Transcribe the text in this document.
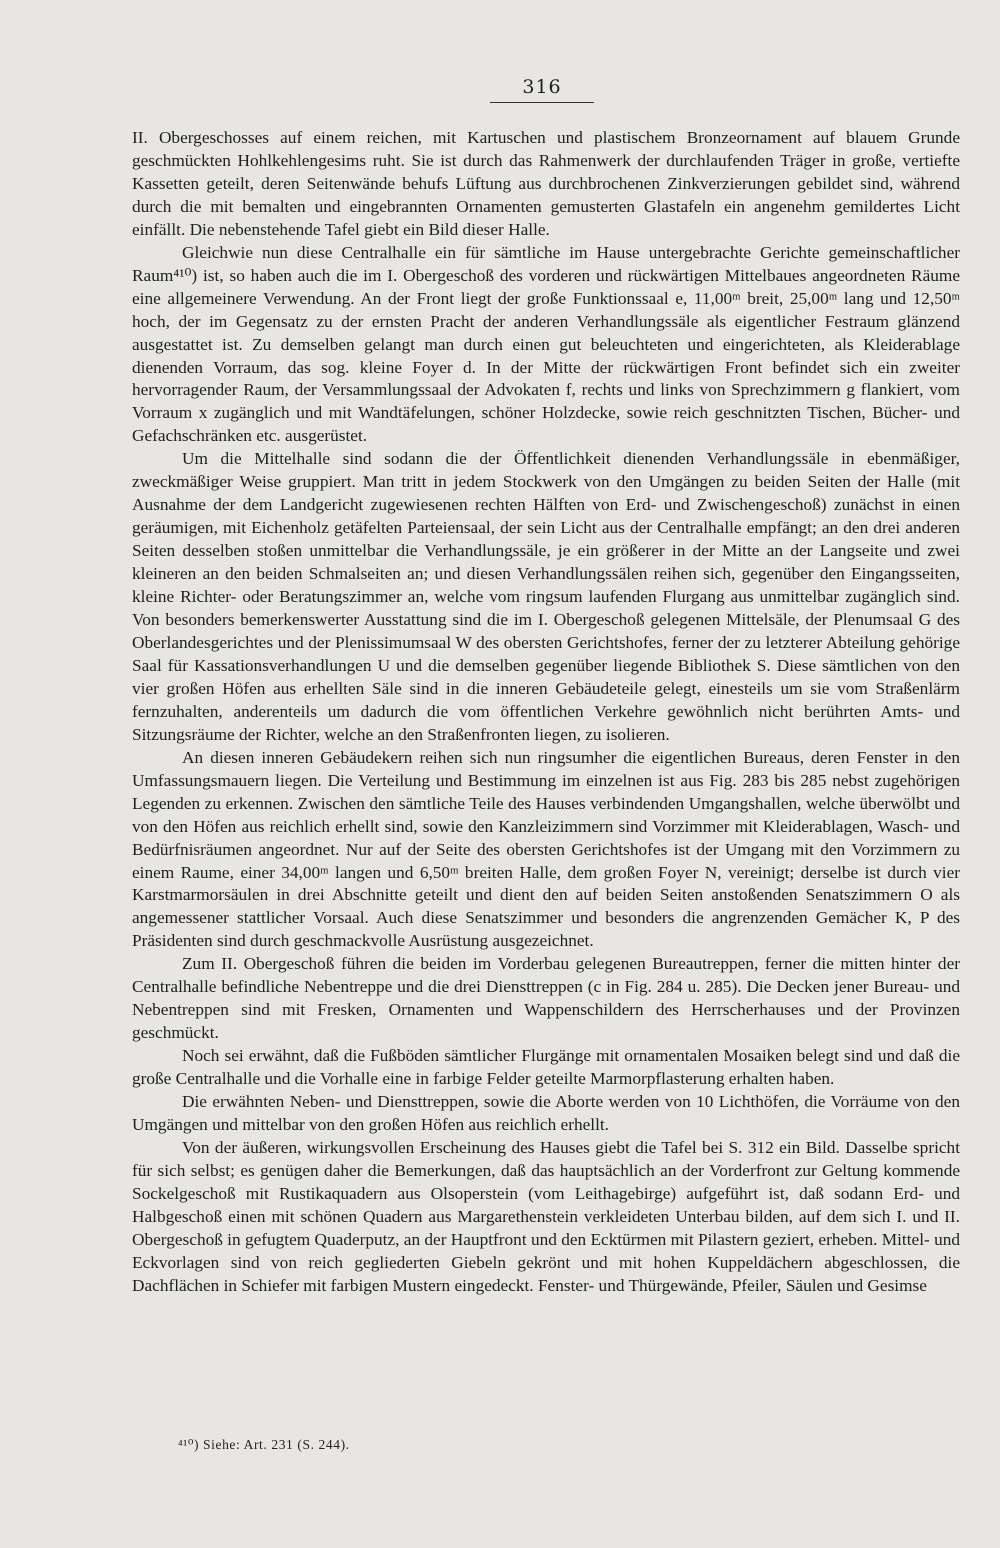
316

II. Obergeschosses auf einem reichen, mit Kartuschen und plastischem Bronzeornament auf blauem Grunde geschmückten Hohlkehlengesims ruht. Sie ist durch das Rahmenwerk der durchlaufenden Träger in große, vertiefte Kassetten geteilt, deren Seitenwände behufs Lüftung aus durchbrochenen Zinkverzierungen gebildet sind, während durch die mit bemalten und eingebrannten Ornamenten gemusterten Glastafeln ein angenehm gemildertes Licht einfällt. Die nebenstehende Tafel giebt ein Bild dieser Halle.

Gleichwie nun diese Centralhalle ein für sämtliche im Hause untergebrachte Gerichte gemeinschaftlicher Raum⁴¹⁰) ist, so haben auch die im I. Obergeschoß des vorderen und rückwärtigen Mittelbaues angeordneten Räume eine allgemeinere Verwendung. An der Front liegt der große Funktionssaal e, 11,00ᵐ breit, 25,00ᵐ lang und 12,50ᵐ hoch, der im Gegensatz zu der ernsten Pracht der anderen Verhandlungssäle als eigentlicher Festraum glänzend ausgestattet ist. Zu demselben gelangt man durch einen gut beleuchteten und eingerichteten, als Kleiderablage dienenden Vorraum, das sog. kleine Foyer d. In der Mitte der rückwärtigen Front befindet sich ein zweiter hervorragender Raum, der Versammlungssaal der Advokaten f, rechts und links von Sprechzimmern g flankiert, vom Vorraum x zugänglich und mit Wandtäfelungen, schöner Holzdecke, sowie reich geschnitzten Tischen, Bücher- und Gefachschränken etc. ausgerüstet.

Um die Mittelhalle sind sodann die der Öffentlichkeit dienenden Verhandlungssäle in ebenmäßiger, zweckmäßiger Weise gruppiert. Man tritt in jedem Stockwerk von den Umgängen zu beiden Seiten der Halle (mit Ausnahme der dem Landgericht zugewiesenen rechten Hälften von Erd- und Zwischengeschoß) zunächst in einen geräumigen, mit Eichenholz getäfelten Parteiensaal, der sein Licht aus der Centralhalle empfängt; an den drei anderen Seiten desselben stoßen unmittelbar die Verhandlungssäle, je ein größerer in der Mitte an der Langseite und zwei kleineren an den beiden Schmalseiten an; und diesen Verhandlungssälen reihen sich, gegenüber den Eingangsseiten, kleine Richter- oder Beratungszimmer an, welche vom ringsum laufenden Flurgang aus unmittelbar zugänglich sind. Von besonders bemerkenswerter Ausstattung sind die im I. Obergeschoß gelegenen Mittelsäle, der Plenumsaal G des Oberlandesgerichtes und der Plenissimumsaal W des obersten Gerichtshofes, ferner der zu letzterer Abteilung gehörige Saal für Kassationsverhandlungen U und die demselben gegenüber liegende Bibliothek S. Diese sämtlichen von den vier großen Höfen aus erhellten Säle sind in die inneren Gebäudeteile gelegt, einesteils um sie vom Straßenlärm fernzuhalten, anderenteils um dadurch die vom öffentlichen Verkehre gewöhnlich nicht berührten Amts- und Sitzungsräume der Richter, welche an den Straßenfronten liegen, zu isolieren.

An diesen inneren Gebäudekern reihen sich nun ringsumher die eigentlichen Bureaus, deren Fenster in den Umfassungsmauern liegen. Die Verteilung und Bestimmung im einzelnen ist aus Fig. 283 bis 285 nebst zugehörigen Legenden zu erkennen. Zwischen den sämtliche Teile des Hauses verbindenden Umgangshallen, welche überwölbt und von den Höfen aus reichlich erhellt sind, sowie den Kanzleizimmern sind Vorzimmer mit Kleiderablagen, Wasch- und Bedürfnisräumen angeordnet. Nur auf der Seite des obersten Gerichtshofes ist der Umgang mit den Vorzimmern zu einem Raume, einer 34,00ᵐ langen und 6,50ᵐ breiten Halle, dem großen Foyer N, vereinigt; derselbe ist durch vier Karstmarmorsäulen in drei Abschnitte geteilt und dient den auf beiden Seiten anstoßenden Senatszimmern O als angemessener stattlicher Vorsaal. Auch diese Senatszimmer und besonders die angrenzenden Gemächer K, P des Präsidenten sind durch geschmackvolle Ausrüstung ausgezeichnet.

Zum II. Obergeschoß führen die beiden im Vorderbau gelegenen Bureautreppen, ferner die mitten hinter der Centralhalle befindliche Nebentreppe und die drei Diensttreppen (c in Fig. 284 u. 285). Die Decken jener Bureau- und Nebentreppen sind mit Fresken, Ornamenten und Wappenschildern des Herrscherhauses und der Provinzen geschmückt.

Noch sei erwähnt, daß die Fußböden sämtlicher Flurgänge mit ornamentalen Mosaiken belegt sind und daß die große Centralhalle und die Vorhalle eine in farbige Felder geteilte Marmorpflasterung erhalten haben.

Die erwähnten Neben- und Diensttreppen, sowie die Aborte werden von 10 Lichthöfen, die Vorräume von den Umgängen und mittelbar von den großen Höfen aus reichlich erhellt.

Von der äußeren, wirkungsvollen Erscheinung des Hauses giebt die Tafel bei S. 312 ein Bild. Dasselbe spricht für sich selbst; es genügen daher die Bemerkungen, daß das hauptsächlich an der Vorderfront zur Geltung kommende Sockelgeschoß mit Rustikaquadern aus Olsoperstein (vom Leithagebirge) aufgeführt ist, daß sodann Erd- und Halbgeschoß einen mit schönen Quadern aus Margarethenstein verkleideten Unterbau bilden, auf dem sich I. und II. Obergeschoß in gefugtem Quaderputz, an der Hauptfront und den Ecktürmen mit Pilastern geziert, erheben. Mittel- und Eckvorlagen sind von reich gegliederten Giebeln gekrönt und mit hohen Kuppeldächern abgeschlossen, die Dachflächen in Schiefer mit farbigen Mustern eingedeckt. Fenster- und Thürgewände, Pfeiler, Säulen und Gesimse

⁴¹⁰) Siehe: Art. 231 (S. 244).
